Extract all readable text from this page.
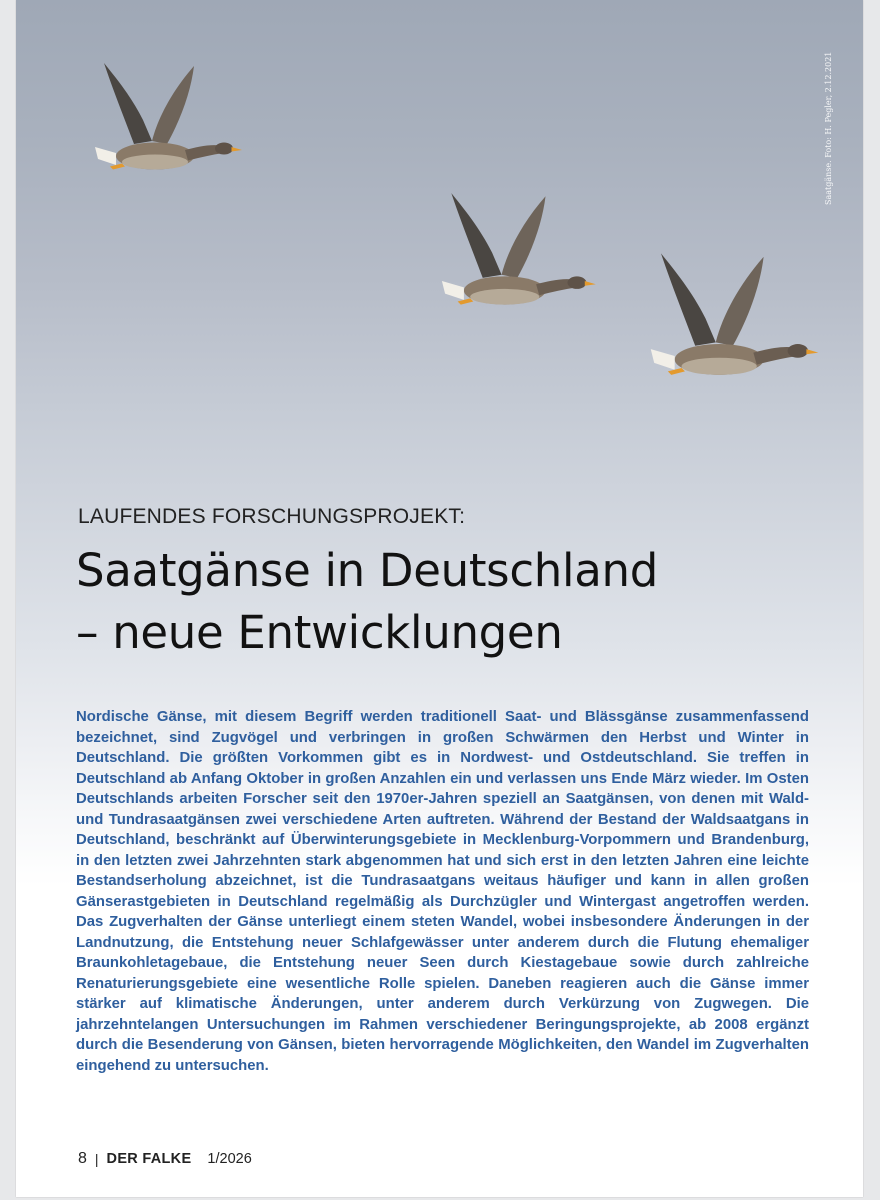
Saatgänse. Foto: H. Pegler, 2.12.2021
LAUFENDES FORSCHUNGSPROJEKT:
Saatgänse in Deutschland
– neue Entwicklungen

Nordische Gänse, mit diesem Begriff werden traditionell Saat- und Blässgänse zusammenfassend bezeichnet, sind Zugvögel und verbringen in großen Schwärmen den Herbst und Winter in Deutschland. Die größten Vorkommen gibt es in Nordwest- und Ostdeutschland. Sie treffen in Deutschland ab Anfang Oktober in großen Anzahlen ein und verlassen uns Ende März wieder. Im Osten Deutschlands arbeiten Forscher seit den 1970er-Jahren speziell an Saatgänsen, von denen mit Wald- und Tundrasaatgänsen zwei verschiedene Arten auftreten. Während der Bestand der Waldsaatgans in Deutschland, beschränkt auf Überwinterungsgebiete in Mecklenburg-Vorpommern und Brandenburg, in den letzten zwei Jahrzehnten stark abgenommen hat und sich erst in den letzten Jahren eine leichte Bestandserholung abzeichnet, ist die Tundrasaatgans weitaus häufiger und kann in allen großen Gänserastgebieten in Deutschland regelmäßig als Durchzügler und Wintergast angetroffen werden. Das Zugverhalten der Gänse unterliegt einem steten Wandel, wobei insbesondere Änderungen in der Landnutzung, die Entstehung neuer Schlafgewässer unter anderem durch die Flutung ehemaliger Braunkohletagebaue, die Entstehung neuer Seen durch Kiestagebaue sowie durch zahlreiche Renaturierungsgebiete eine wesentliche Rolle spielen. Daneben reagieren auch die Gänse immer stärker auf klimatische Änderungen, unter anderem durch Verkürzung von Zugwegen. Die jahrzehntelangen Untersuchungen im Rahmen verschiedener Beringungsprojekte, ab 2008 ergänzt durch die Besenderung von Gänsen, bieten hervorragende Möglichkeiten, den Wandel im Zugverhalten eingehend zu untersuchen.

8 | DER FALKE 1/2026
